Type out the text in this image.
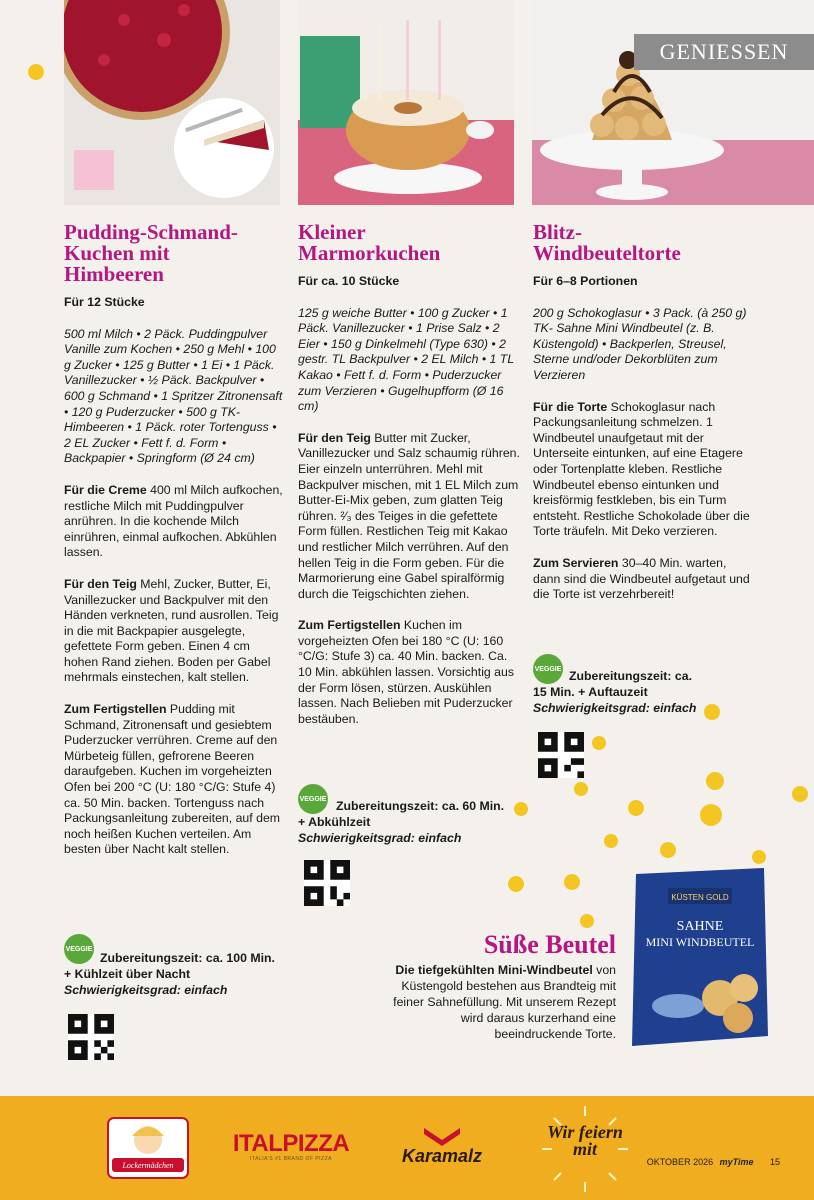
GENIESSEN
Pudding-Schmand-
Kuchen mit
Himbeeren
Für 12 Stücke
500 ml Milch • 2 Päck. Puddingpulver Vanille zum Kochen • 250 g Mehl • 100 g Zucker • 125 g Butter • 1 Ei • 1 Päck. Vanillezucker • ½ Päck. Backpulver • 600 g Schmand • 1 Spritzer Zitronensaft • 120 g Puderzucker • 500 g TK-Himbeeren • 1 Päck. roter Tortenguss • 2 EL Zucker • Fett f. d. Form • Backpapier • Springform (Ø 24 cm)
Für die Creme 400 ml Milch aufkochen, restliche Milch mit Puddingpulver anrühren. In die kochende Milch einrühren, einmal aufkochen. Abkühlen lassen.
Für den Teig Mehl, Zucker, Butter, Ei, Vanillezucker und Backpulver mit den Händen verkneten, rund ausrollen. Teig in die mit Backpapier ausgelegte, gefettete Form geben. Einen 4 cm hohen Rand ziehen. Boden per Gabel mehrmals einstechen, kalt stellen.
Zum Fertigstellen Pudding mit Schmand, Zitronensaft und gesiebtem Puderzucker verrühren. Creme auf den Mürbeteig füllen, gefrorene Beeren daraufgeben. Kuchen im vorgeheizten Ofen bei 200 °C (U: 180 °C/G: Stufe 4) ca. 50 Min. backen. Tortenguss nach Packungsanleitung zubereiten, auf dem noch heißen Kuchen verteilen. Am besten über Nacht kalt stellen.
VEGGIE
Zubereitungszeit: ca. 100 Min.
+ Kühlzeit über Nacht
Schwierigkeitsgrad: einfach
Kleiner
Marmorkuchen
Für ca. 10 Stücke
125 g weiche Butter • 100 g Zucker • 1 Päck. Vanillezucker • 1 Prise Salz • 2 Eier • 150 g Dinkelmehl (Type 630) • 2 gestr. TL Backpulver • 2 EL Milch • 1 TL Kakao • Fett f. d. Form • Puderzucker zum Verzieren • Gugelhupfform (Ø 16 cm)
Für den Teig Butter mit Zucker, Vanillezucker und Salz schaumig rühren. Eier einzeln unterrühren. Mehl mit Backpulver mischen, mit 1 EL Milch zum Butter-Ei-Mix geben, zum glatten Teig rühren. ²⁄₃ des Teiges in die gefettete Form füllen. Restlichen Teig mit Kakao und restlicher Milch verrühren. Auf den hellen Teig in die Form geben. Für die Marmorierung eine Gabel spiralförmig durch die Teigschichten ziehen.
Zum Fertigstellen Kuchen im vorgeheizten Ofen bei 180 °C (U: 160 °C/G: Stufe 3) ca. 40 Min. backen. Ca. 10 Min. abkühlen lassen. Vorsichtig aus der Form lösen, stürzen. Auskühlen lassen. Nach Belieben mit Puderzucker bestäuben.
VEGGIE Zubereitungszeit: ca. 60 Min.
+ Abkühlzeit
Schwierigkeitsgrad: einfach
Blitz-
Windbeuteltorte
Für 6–8 Portionen
200 g Schokoglasur • 3 Pack. (à 250 g) TK- Sahne Mini Windbeutel (z. B. Küstengold) • Backperlen, Streusel, Sterne und/oder Dekorblüten zum Verzieren
Für die Torte Schokoglasur nach Packungsanleitung schmelzen. 1 Windbeutel unaufgetaut mit der Unterseite eintunken, auf eine Etagere oder Tortenplatte kleben. Restliche Windbeutel ebenso eintunken und kreisförmig festkleben, bis ein Turm entsteht. Restliche Schokolade über die Torte träufeln. Mit Deko verzieren.
Zum Servieren 30–40 Min. warten, dann sind die Windbeutel aufgetaut und die Torte ist verzehrbereit!
VEGGIE Zubereitungszeit: ca.
15 Min. + Auftauzeit
Schwierigkeitsgrad: einfach
Süße Beutel
Die tiefgekühlten Mini-Windbeutel von Küstengold bestehen aus Brandteig mit feiner Sahnefüllung. Mit unserem Rezept wird daraus kurzerhand eine beeindruckende Torte.
KÜSTEN GOLD
SAHNE
MINI WINDBEUTEL
Lockermädchen
ITALPIZZA
ITALIA'S #1 BRAND OF PIZZA	Karamalz
Wir feiern mit
OKTOBER 2026 myTime 15
